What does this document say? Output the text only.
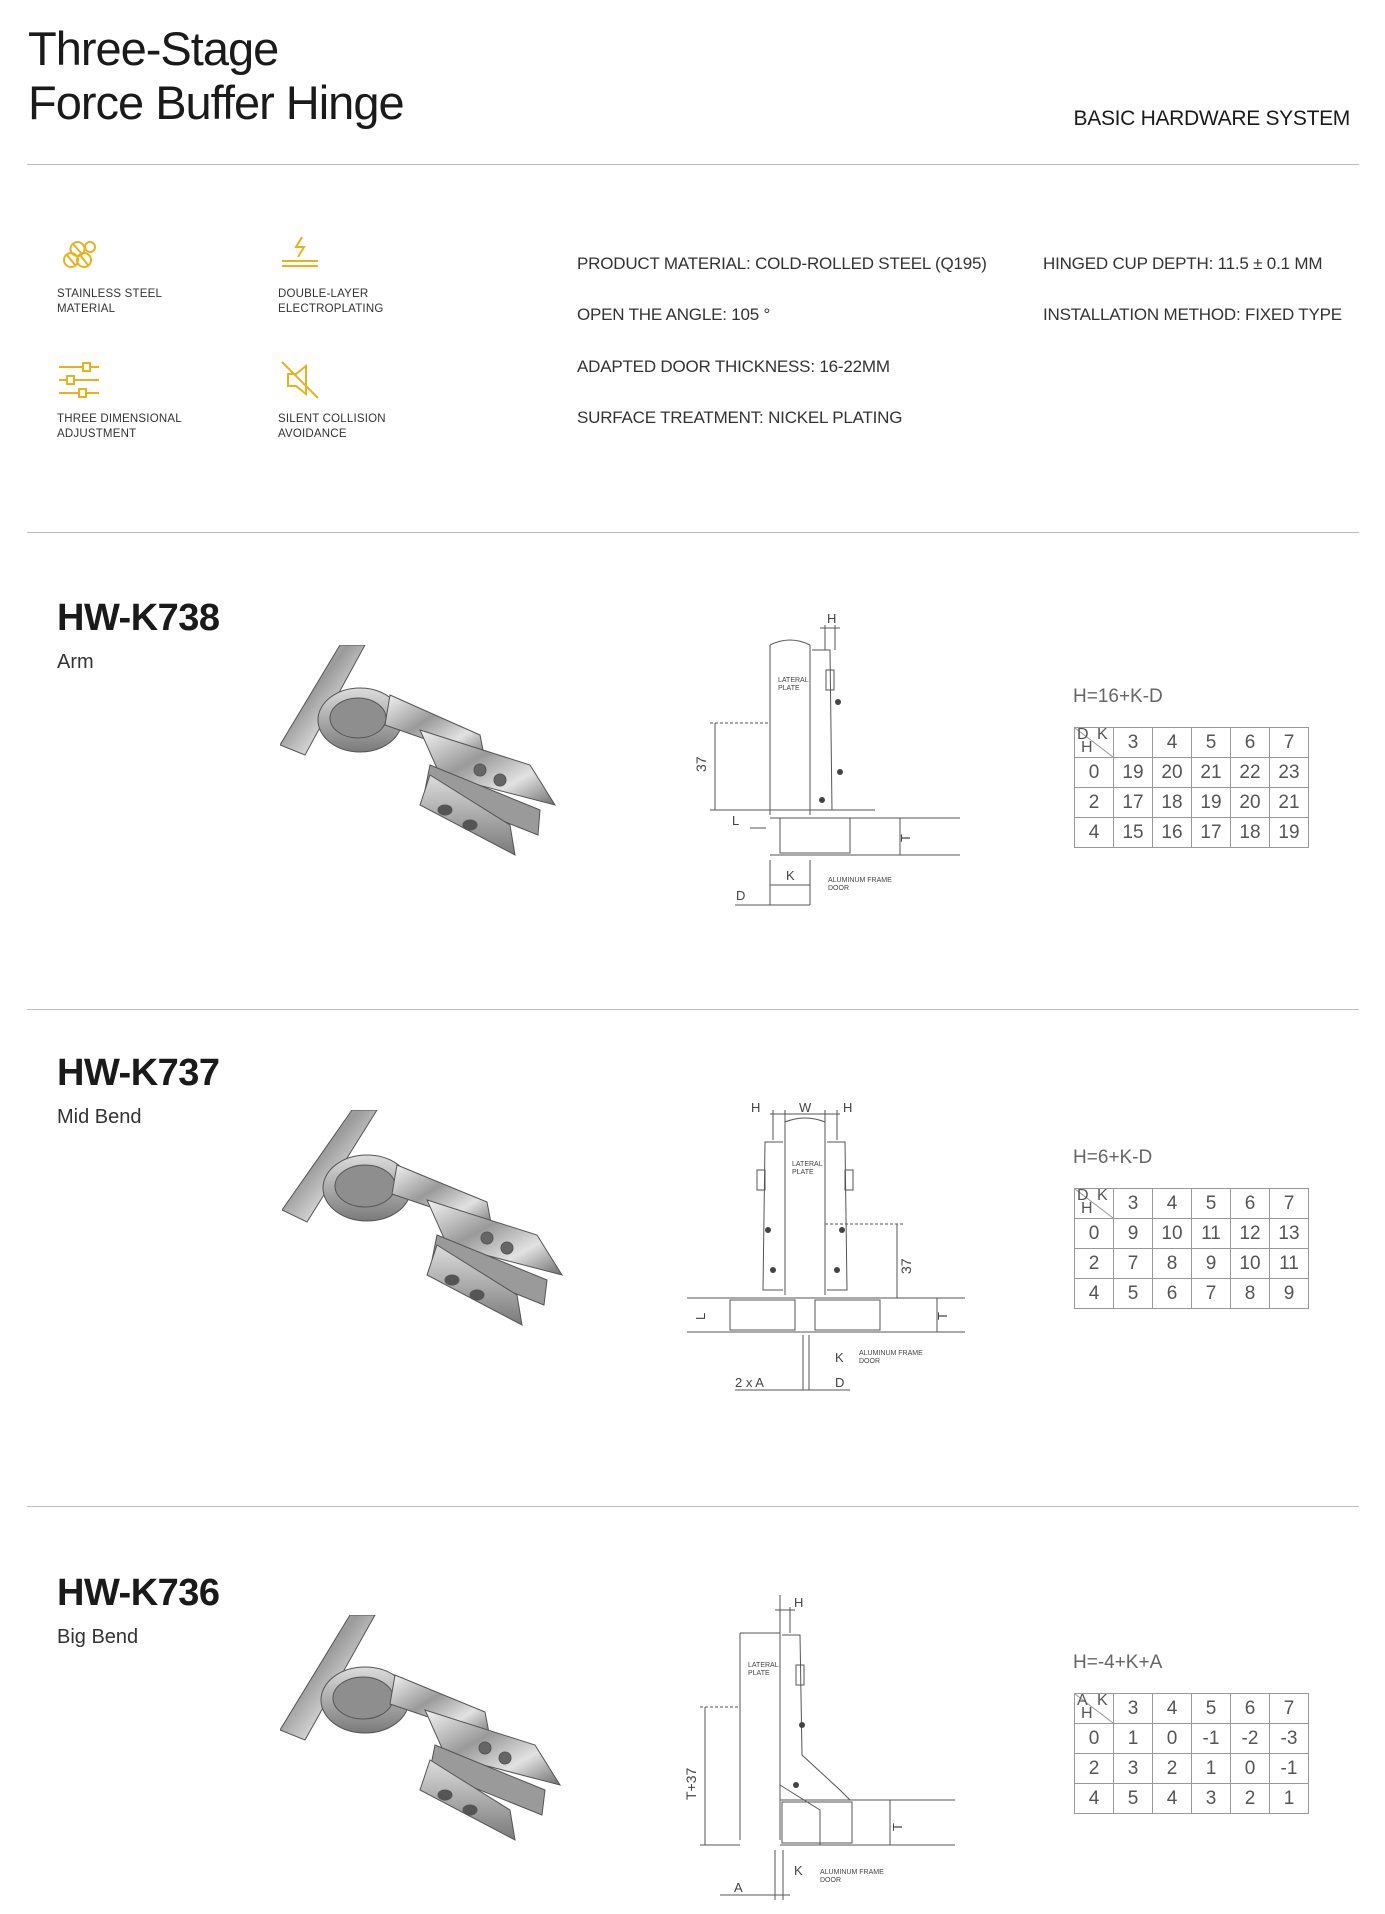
Three-Stage
Force Buffer Hinge	BASIC HARDWARE SYSTEM
STAINLESS STEEL
MATERIAL
DOUBLE-LAYER
ELECTROPLATING
THREE DIMENSIONAL
ADJUSTMENT
SILENT COLLISION
AVOIDANCE
PRODUCT MATERIAL: COLD-ROLLED STEEL (Q195)
OPEN THE ANGLE: 105 °
ADAPTED DOOR THICKNESS: 16-22MM
SURFACE TREATMENT: NICKEL PLATING
HINGED CUP DEPTH: 11.5 ± 0.1 MM
INSTALLATION METHOD: FIXED TYPE
HW-K738
Arm
LATERAL
PLATE
H
37
L
T
K
D
ALUMINUM FRAME
DOOR
H=16+K-D
D K
H	3	4	5	6	7
0	19	20	21	22	23
2	17	18	19	20	21
4	15	16	17	18	19
HW-K737
Mid Bend
LATERAL
PLATE
H	W H
37
L	T
K
D
2 x A
ALUMINUM FRAME
DOOR
H=6+K-D
D K
H	3	4	5	6	7
0	9	10	11	12	13
2	7	8	9	10	11
4	5	6	7	8	9
HW-K736
Big Bend
LATERAL
PLATE
H
T+37
T
K
A
ALUMINUM FRAME
DOOR
H=-4+K+A
A K
H	3	4	5	6	7
0	1	0	-1	-2	-3
2	3	2	1	0	-1
4	5	4	3	2	1
